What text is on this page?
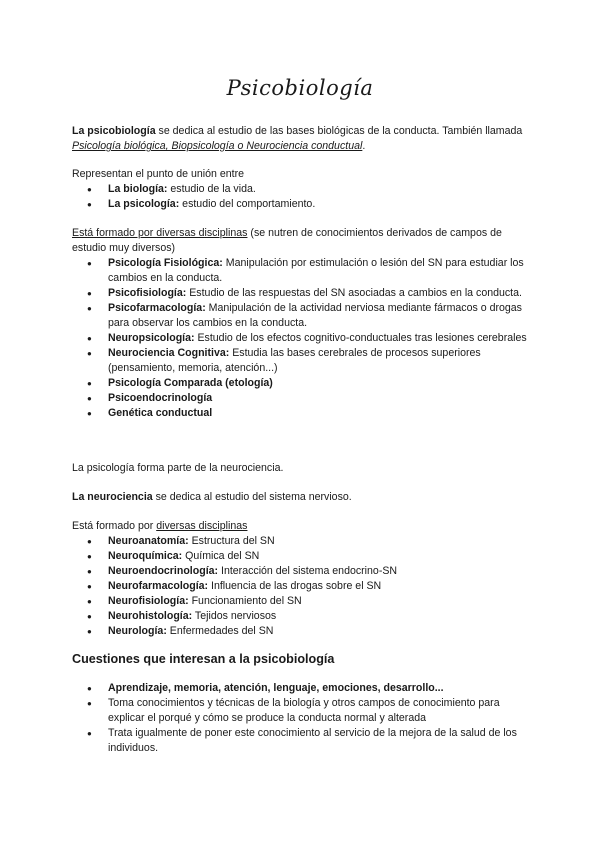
Psicobiología

La psicobiología se dedica al estudio de las bases biológicas de la conducta. También llamada Psicología biológica, Biopsicología o Neurociencia conductual.

Representan el punto de unión entre

● La biología: estudio de la vida.
● La psicología: estudio del comportamiento.

Está formado por diversas disciplinas (se nutren de conocimientos derivados de campos de estudio muy diversos)

● Psicología Fisiológica: Manipulación por estimulación o lesión del SN para estudiar los cambios en la conducta.
● Psicofisiología: Estudio de las respuestas del SN asociadas a cambios en la conducta.
● Psicofarmacología: Manipulación de la actividad nerviosa mediante fármacos o drogas para observar los cambios en la conducta.
● Neuropsicología: Estudio de los efectos cognitivo-conductuales tras lesiones cerebrales
● Neurociencia Cognitiva: Estudia las bases cerebrales de procesos superiores (pensamiento, memoria, atención...)
● Psicología Comparada (etología)
● Psicoendocrinología
● Genética conductual

La psicología forma parte de la neurociencia.

La neurociencia se dedica al estudio del sistema nervioso.

Está formado por diversas disciplinas

● Neuroanatomía: Estructura del SN
● Neuroquímica: Química del SN
● Neuroendocrinología: Interacción del sistema endocrino-SN
● Neurofarmacología: Influencia de las drogas sobre el SN
● Neurofisiología: Funcionamiento del SN
● Neurohistología: Tejidos nerviosos
● Neurología: Enfermedades del SN

Cuestiones que interesan a la psicobiología

● Aprendizaje, memoria, atención, lenguaje, emociones, desarrollo...
● Toma conocimientos y técnicas de la biología y otros campos de conocimiento para explicar el porqué y cómo se produce la conducta normal y alterada
● Trata igualmente de poner este conocimiento al servicio de la mejora de la salud de los individuos.
